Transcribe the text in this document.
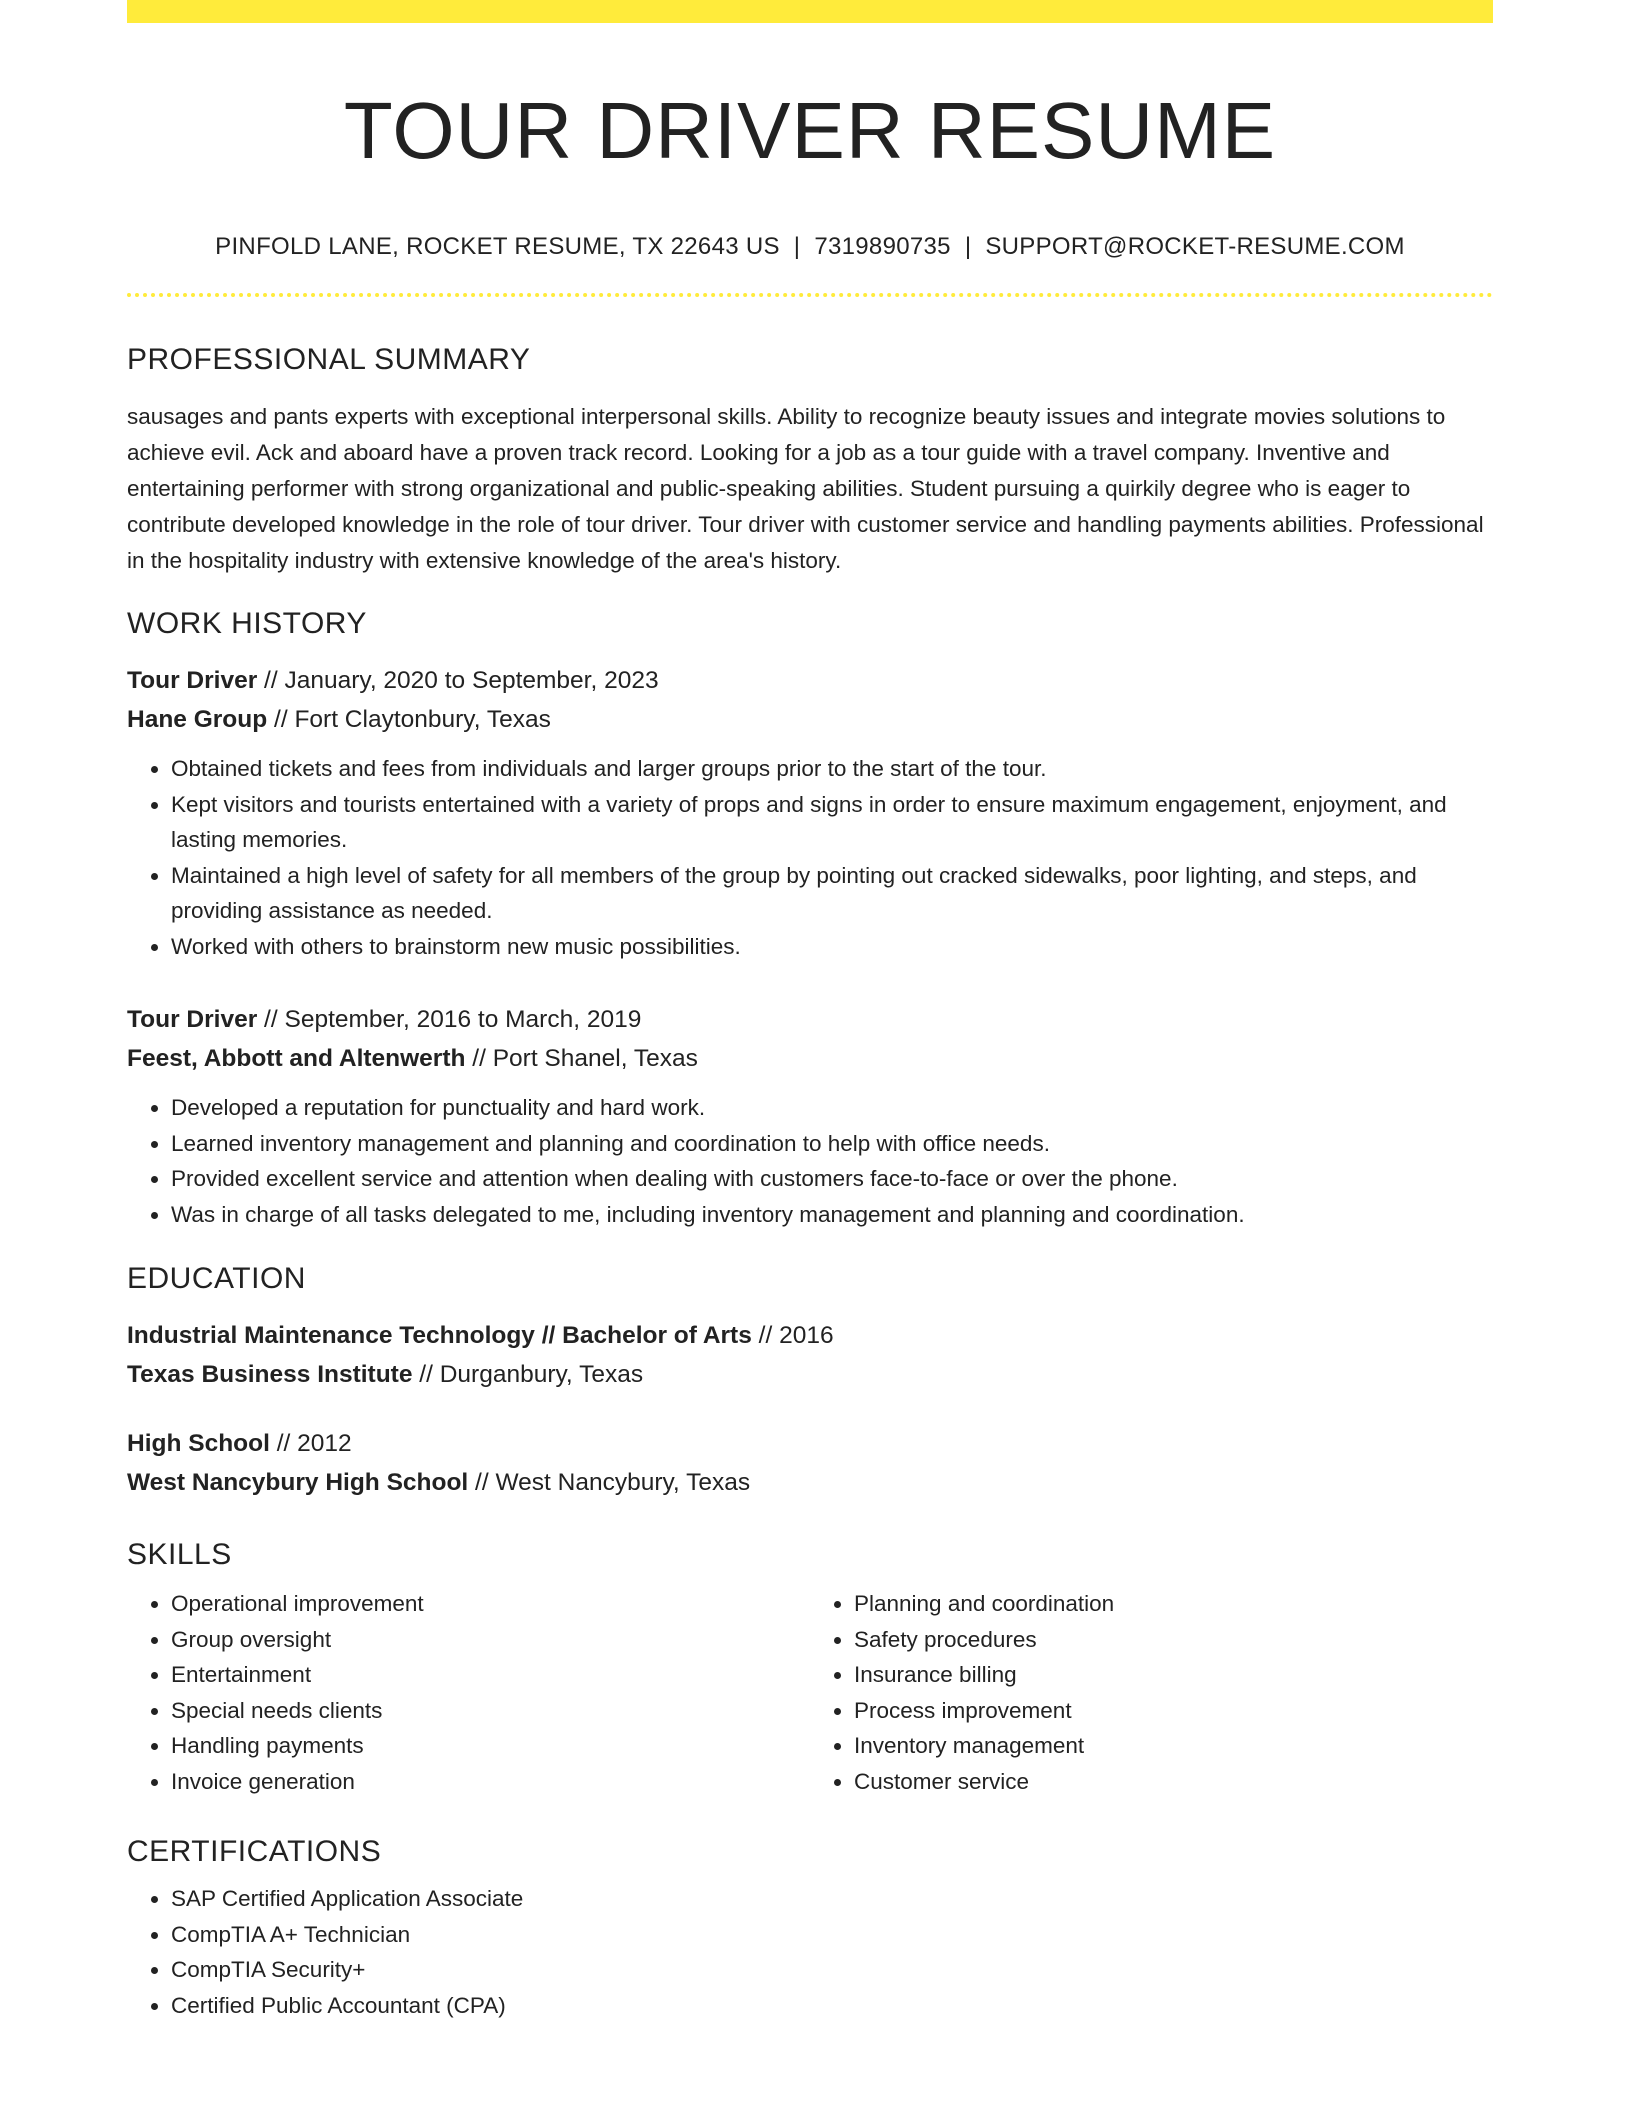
TOUR DRIVER RESUME
PINFOLD LANE, ROCKET RESUME, TX 22643 US | 7319890735 | SUPPORT@ROCKET-RESUME.COM
PROFESSIONAL SUMMARY
sausages and pants experts with exceptional interpersonal skills. Ability to recognize beauty issues and integrate movies solutions to achieve evil. Ack and aboard have a proven track record. Looking for a job as a tour guide with a travel company. Inventive and entertaining performer with strong organizational and public-speaking abilities. Student pursuing a quirkily degree who is eager to contribute developed knowledge in the role of tour driver. Tour driver with customer service and handling payments abilities. Professional in the hospitality industry with extensive knowledge of the area's history.
WORK HISTORY
Tour Driver // January, 2020 to September, 2023
Hane Group // Fort Claytonbury, Texas
• Obtained tickets and fees from individuals and larger groups prior to the start of the tour.
• Kept visitors and tourists entertained with a variety of props and signs in order to ensure maximum engagement, enjoyment, and lasting memories.
• Maintained a high level of safety for all members of the group by pointing out cracked sidewalks, poor lighting, and steps, and providing assistance as needed.
• Worked with others to brainstorm new music possibilities.
Tour Driver // September, 2016 to March, 2019
Feest, Abbott and Altenwerth // Port Shanel, Texas
• Developed a reputation for punctuality and hard work.
• Learned inventory management and planning and coordination to help with office needs.
• Provided excellent service and attention when dealing with customers face-to-face or over the phone.
• Was in charge of all tasks delegated to me, including inventory management and planning and coordination.
EDUCATION
Industrial Maintenance Technology // Bachelor of Arts // 2016
Texas Business Institute // Durganbury, Texas
High School // 2012
West Nancybury High School // West Nancybury, Texas
SKILLS
• Operational improvement
• Group oversight
• Entertainment
• Special needs clients
• Handling payments
• Invoice generation
• Planning and coordination
• Safety procedures
• Insurance billing
• Process improvement
• Inventory management
• Customer service
CERTIFICATIONS
• SAP Certified Application Associate
• CompTIA A+ Technician
• CompTIA Security+
• Certified Public Accountant (CPA)
